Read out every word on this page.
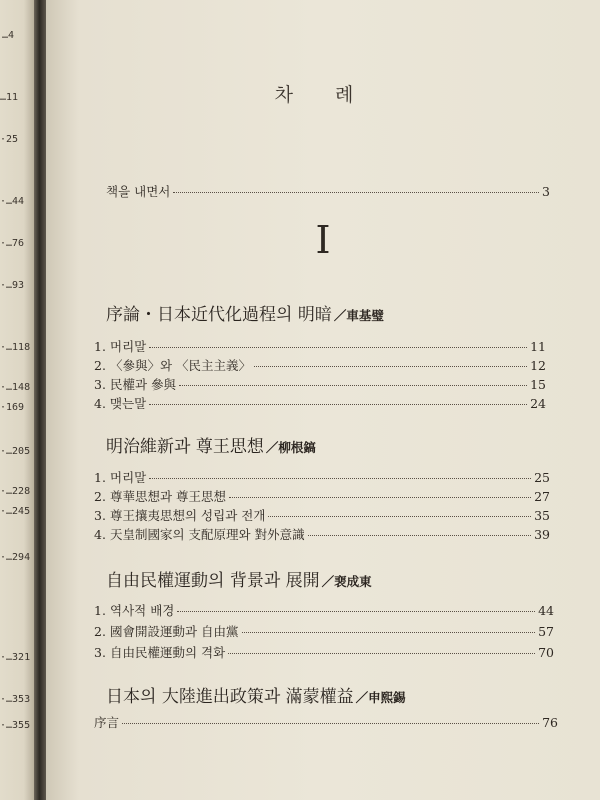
…4
…11
·25
·…44
·…76
·…93
·…118
·…148
·169
·…205
·…228
·…245
·…294
·…321
·…353
·…355
차 례
책을 내면서	3
I
序論・日本近代化過程의 明暗 ／車基璧
1. 머리말	11
2. 〈參與〉와 〈民主主義〉	12
3. 民權과 參與	15
4. 맺는말	24
明治維新과 尊王思想 ／柳根鎬
1. 머리말	25
2. 尊華思想과 尊王思想	27
3. 尊王攘夷思想의 성립과 전개	35
4. 天皇制國家의 支配原理와 對外意識	39
自由民權運動의 背景과 展開 ／裵成東
1. 역사적 배경	44
2. 國會開設運動과 自由黨	57
3. 自由民權運動의 격화	70
日本의 大陸進出政策과 滿蒙權益 ／申熙錫
序言	76
